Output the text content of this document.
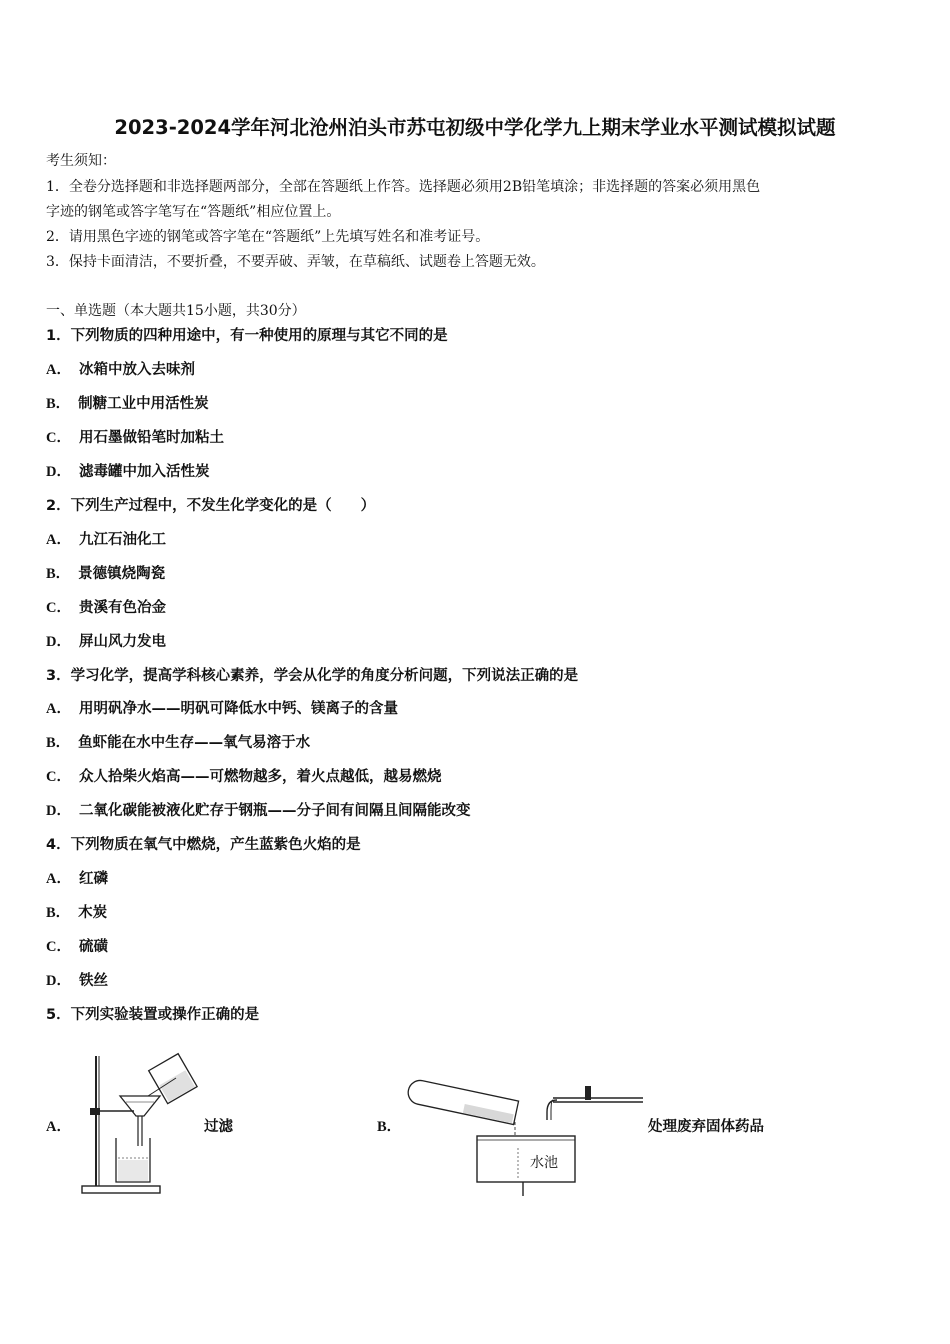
2023-2024学年河北沧州泊头市苏屯初级中学化学九上期末学业水平测试模拟试题
考生须知：
1．全卷分选择题和非选择题两部分，全部在答题纸上作答。选择题必须用2B铅笔填涂；非选择题的答案必须用黑色
字迹的钢笔或答字笔写在“答题纸”相应位置上。
2．请用黑色字迹的钢笔或答字笔在“答题纸”上先填写姓名和准考证号。
3．保持卡面清洁，不要折叠，不要弄破、弄皱，在草稿纸、试题卷上答题无效。
一、单选题（本大题共15小题，共30分）
1．下列物质的四种用途中，有一种使用的原理与其它不同的是
A． 冰箱中放入去味剂
B． 制糖工业中用活性炭
C． 用石墨做铅笔时加粘土
D． 滤毒罐中加入活性炭
2．下列生产过程中，不发生化学变化的是（　　）
A． 九江石油化工
B． 景德镇烧陶瓷
C． 贵溪有色冶金
D． 屏山风力发电
3．学习化学，提高学科核心素养，学会从化学的角度分析问题，下列说法正确的是
A． 用明矾净水——明矾可降低水中钙、镁离子的含量
B． 鱼虾能在水中生存——氧气易溶于水
C． 众人拾柴火焰高——可燃物越多，着火点越低，越易燃烧
D． 二氧化碳能被液化贮存于钢瓶——分子间有间隔且间隔能改变
4．下列物质在氧气中燃烧，产生蓝紫色火焰的是
A． 红磷
B． 木炭
C． 硫磺
D． 铁丝
5．下列实验装置或操作正确的是
A．	过滤	B．
水池
处理废弃固体药品
